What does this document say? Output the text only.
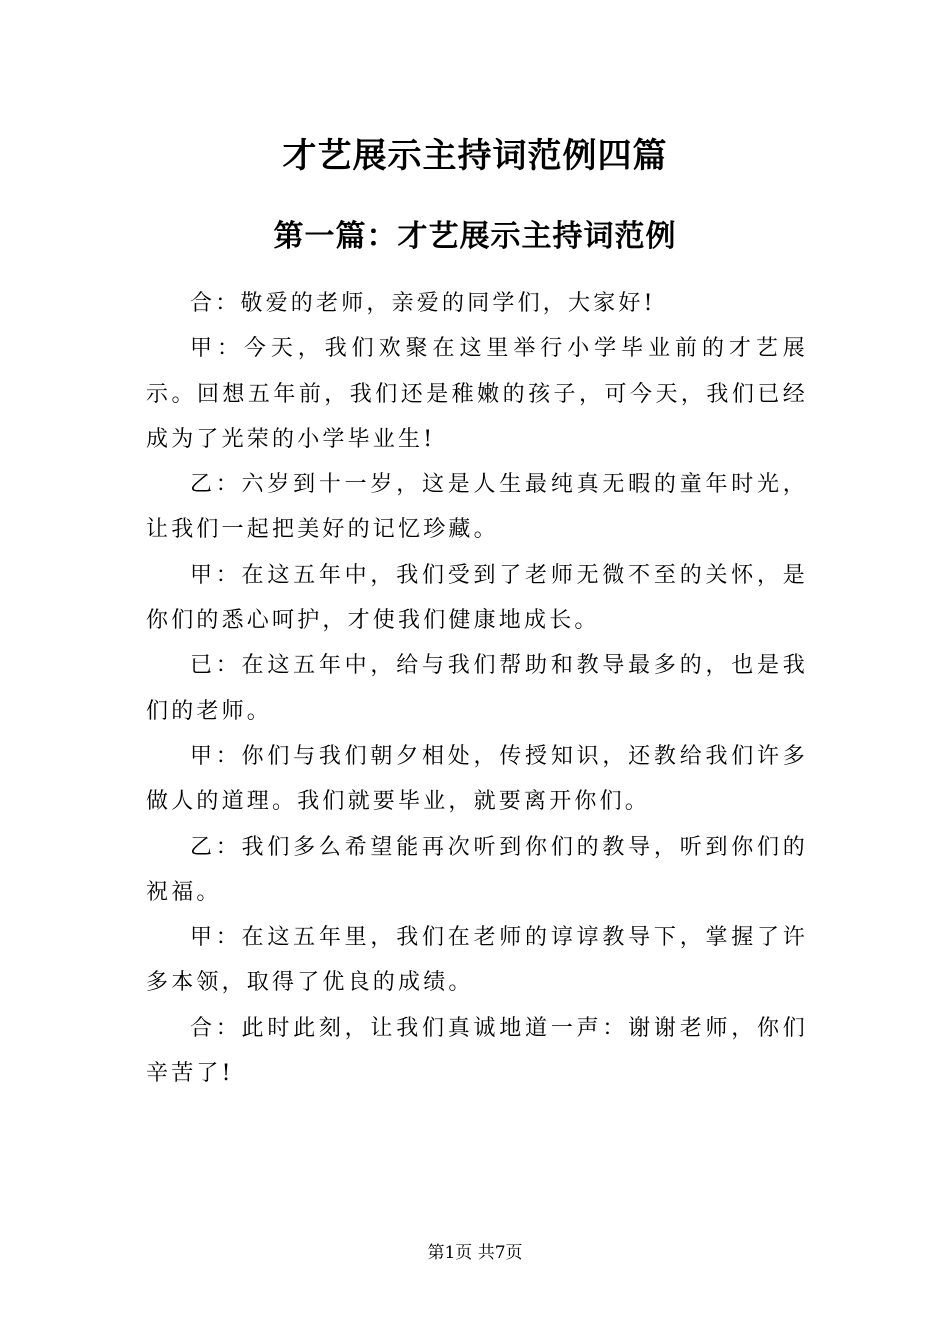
才艺展示主持词范例四篇
第一篇：才艺展示主持词范例

合：敬爱的老师，亲爱的同学们，大家好!

甲：今天，我们欢聚在这里举行小学毕业前的才艺展示。回想五年前，我们还是稚嫩的孩子，可今天，我们已经成为了光荣的小学毕业生!

乙：六岁到十一岁，这是人生最纯真无暇的童年时光，让我们一起把美好的记忆珍藏。

甲：在这五年中，我们受到了老师无微不至的关怀，是你们的悉心呵护，才使我们健康地成长。

已：在这五年中，给与我们帮助和教导最多的，也是我们的老师。

甲：你们与我们朝夕相处，传授知识，还教给我们许多做人的道理。我们就要毕业，就要离开你们。

乙：我们多么希望能再次听到你们的教导，听到你们的祝福。

甲：在这五年里，我们在老师的谆谆教导下，掌握了许多本领，取得了优良的成绩。

合：此时此刻，让我们真诚地道一声：谢谢老师，你们辛苦了!

第1页 共7页
